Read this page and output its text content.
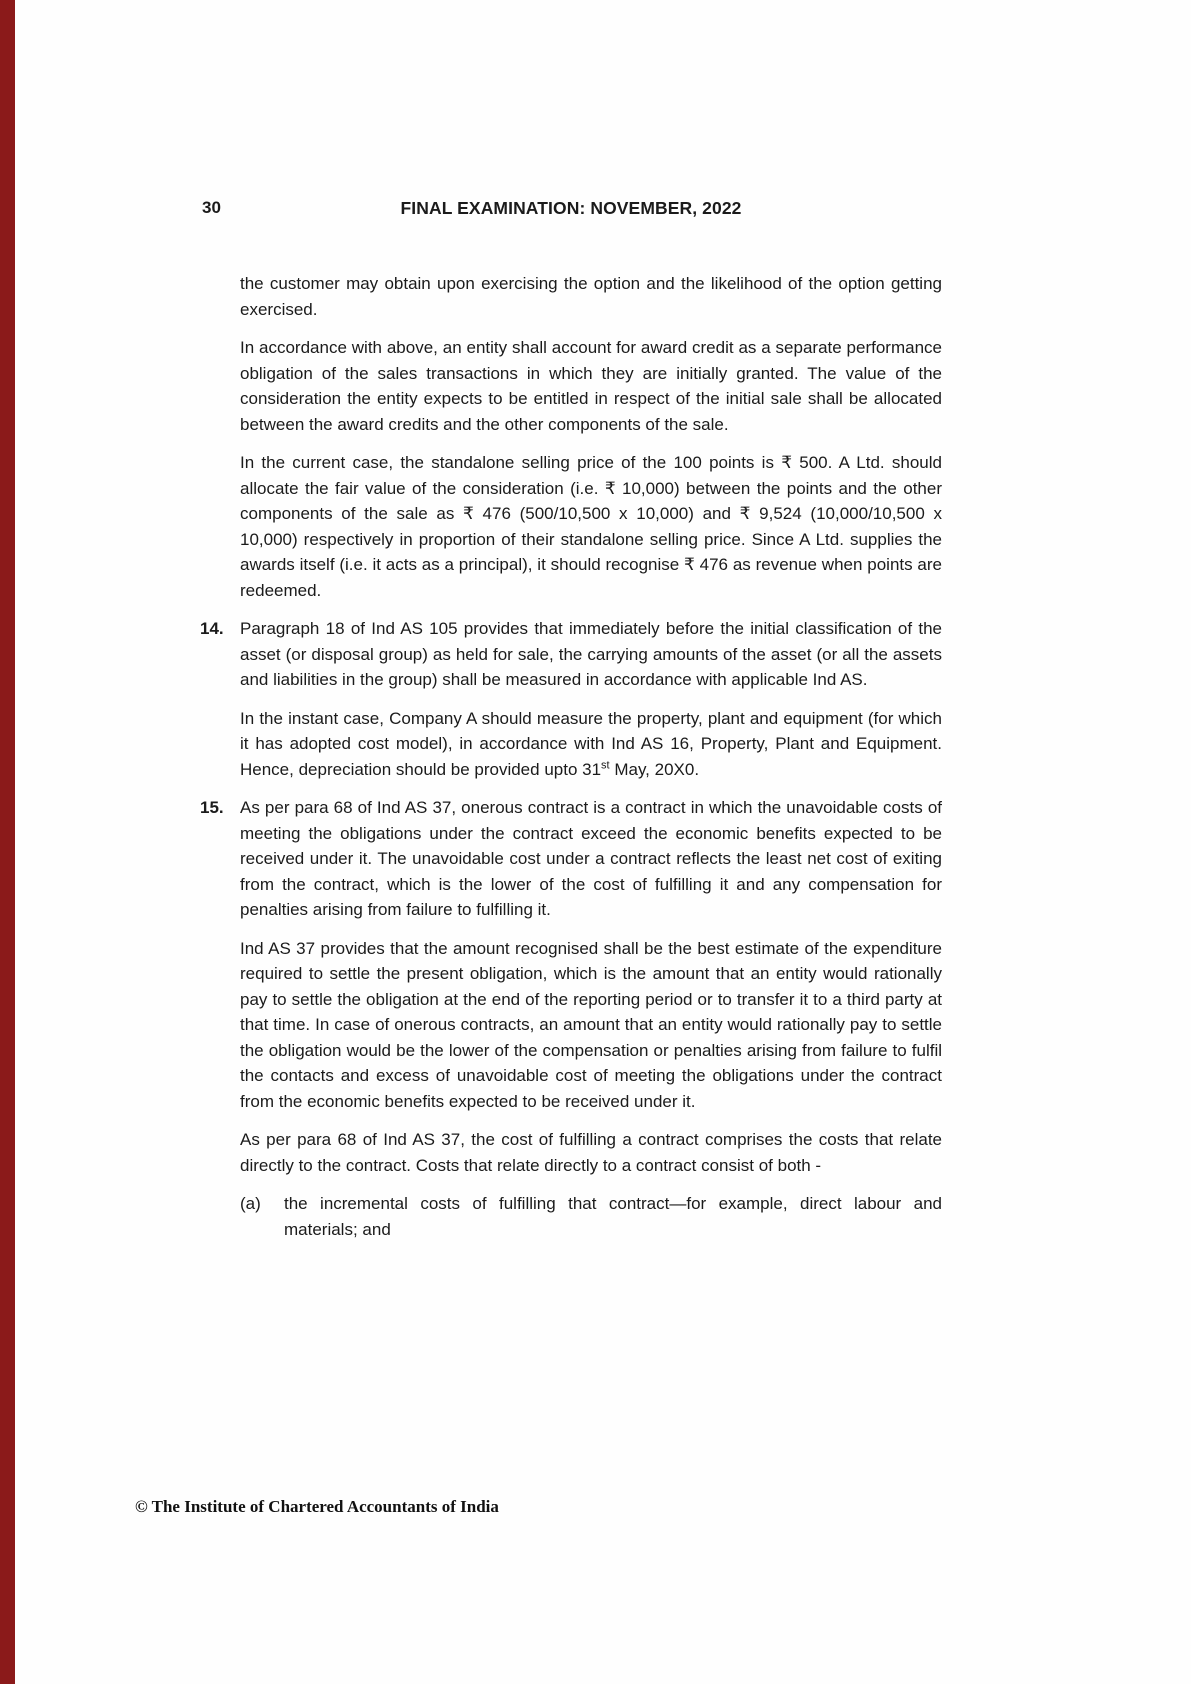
30	FINAL EXAMINATION: NOVEMBER, 2022

the customer may obtain upon exercising the option and the likelihood of the option getting exercised.

In accordance with above, an entity shall account for award credit as a separate performance obligation of the sales transactions in which they are initially granted. The value of the consideration the entity expects to be entitled in respect of the initial sale shall be allocated between the award credits and the other components of the sale.

In the current case, the standalone selling price of the 100 points is ₹ 500. A Ltd. should allocate the fair value of the consideration (i.e. ₹ 10,000) between the points and the other components of the sale as ₹ 476 (500/10,500 x 10,000) and ₹ 9,524 (10,000/10,500 x 10,000) respectively in proportion of their standalone selling price. Since A Ltd. supplies the awards itself (i.e. it acts as a principal), it should recognise ₹ 476 as revenue when points are redeemed.

14. Paragraph 18 of Ind AS 105 provides that immediately before the initial classification of the asset (or disposal group) as held for sale, the carrying amounts of the asset (or all the assets and liabilities in the group) shall be measured in accordance with applicable Ind AS.

In the instant case, Company A should measure the property, plant and equipment (for which it has adopted cost model), in accordance with Ind AS 16, Property, Plant and Equipment. Hence, depreciation should be provided upto 31st May, 20X0.

15. As per para 68 of Ind AS 37, onerous contract is a contract in which the unavoidable costs of meeting the obligations under the contract exceed the economic benefits expected to be received under it. The unavoidable cost under a contract reflects the least net cost of exiting from the contract, which is the lower of the cost of fulfilling it and any compensation for penalties arising from failure to fulfilling it.

Ind AS 37 provides that the amount recognised shall be the best estimate of the expenditure required to settle the present obligation, which is the amount that an entity would rationally pay to settle the obligation at the end of the reporting period or to transfer it to a third party at that time. In case of onerous contracts, an amount that an entity would rationally pay to settle the obligation would be the lower of the compensation or penalties arising from failure to fulfil the contacts and excess of unavoidable cost of meeting the obligations under the contract from the economic benefits expected to be received under it.

As per para 68 of Ind AS 37, the cost of fulfilling a contract comprises the costs that relate directly to the contract. Costs that relate directly to a contract consist of both -

(a)	the incremental costs of fulfilling that contract—for example, direct labour and materials; and

© The Institute of Chartered Accountants of India
